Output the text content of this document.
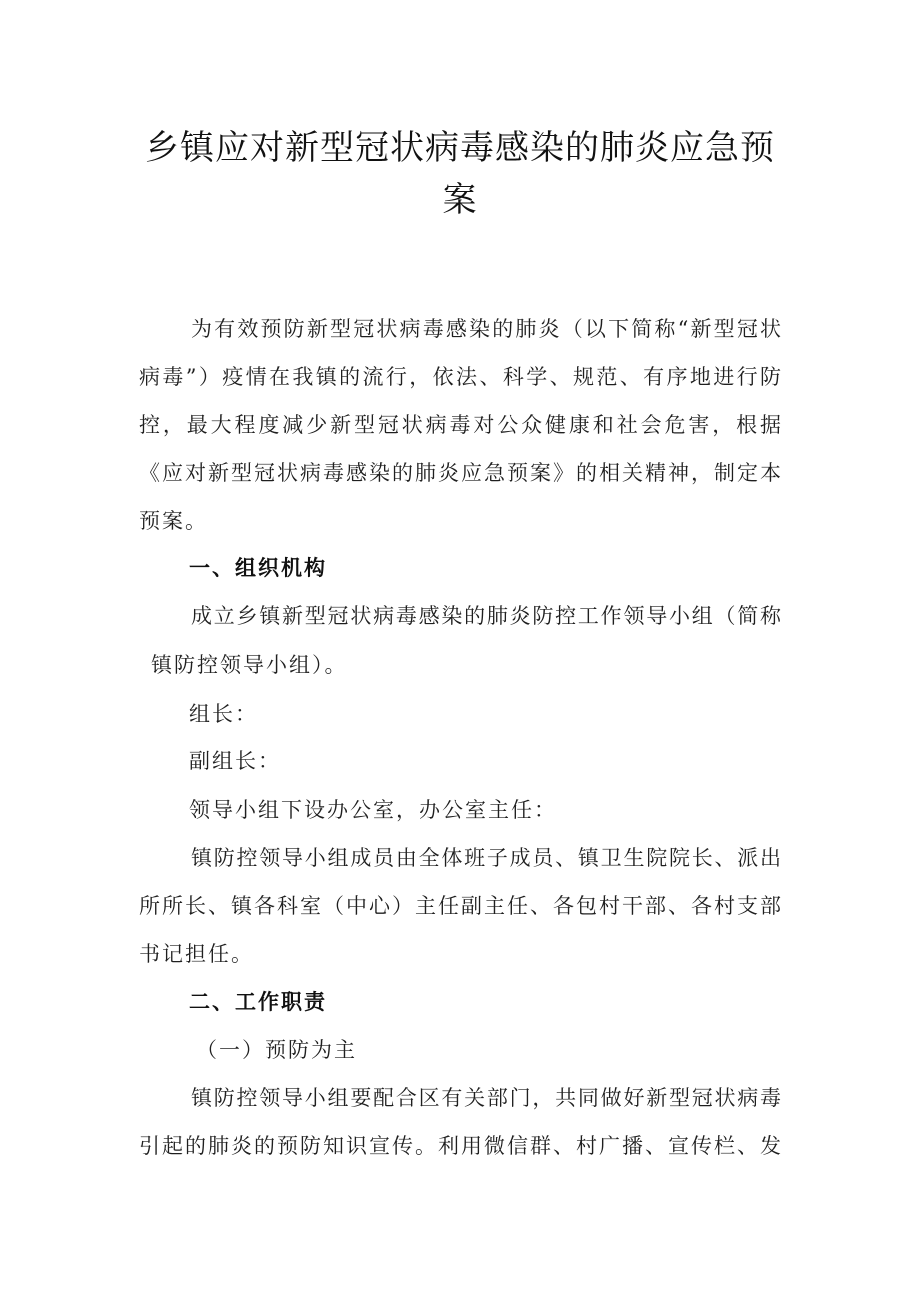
乡镇应对新型冠状病毒感染的肺炎应急预
案

为有效预防新型冠状病毒感染的肺炎（以下简称“新型冠状

病毒”）疫情在我镇的流行，依法、科学、规范、有序地进行防

控，最大程度减少新型冠状病毒对公众健康和社会危害，根据

《应对新型冠状病毒感染的肺炎应急预案》的相关精神，制定本

预案。

一、组织机构

成立乡镇新型冠状病毒感染的肺炎防控工作领导小组（简称

镇防控领导小组）。

组长：

副组长：

领导小组下设办公室，办公室主任：

镇防控领导小组成员由全体班子成员、镇卫生院院长、派出

所所长、镇各科室（中心）主任副主任、各包村干部、各村支部

书记担任。

二、工作职责

（一）预防为主

镇防控领导小组要配合区有关部门，共同做好新型冠状病毒

引起的肺炎的预防知识宣传。利用微信群、村广播、宣传栏、发
